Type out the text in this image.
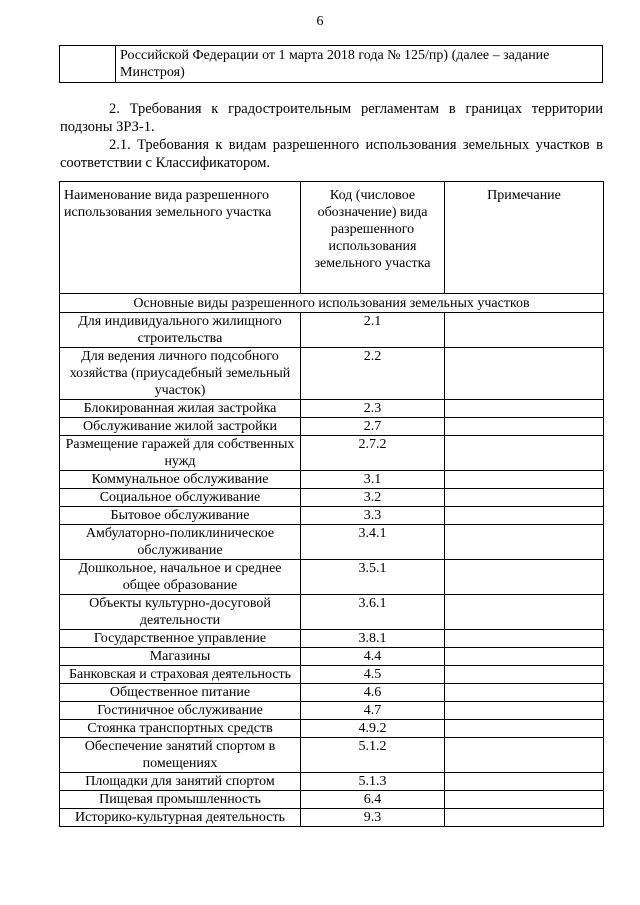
6
	Российской Федерации от 1 марта 2018 года № 125/пр) (далее – задание
Минстроя)

2. Требования к градостроительным регламентам в границах территории подзоны ЗРЗ-1.

2.1. Требования к видам разрешенного использования земельных участков в соответствии с Классификатором.

Наименование вида разрешенного использования земельного участка	Код (числовое обозначение) вида разрешенного использования земельного участка	Примечание
Основные виды разрешенного использования земельных участков		
Для индивидуального жилищного строительства	2.1	
Для ведения личного подсобного хозяйства (приусадебный земельный участок)	2.2	
Блокированная жилая застройка	2.3	
Обслуживание жилой застройки	2.7	
Размещение гаражей для собственных нужд	2.7.2	
Коммунальное обслуживание	3.1	
Социальное обслуживание	3.2	
Бытовое обслуживание	3.3	
Амбулаторно-поликлиническое обслуживание	3.4.1	
Дошкольное, начальное и среднее общее образование	3.5.1	
Объекты культурно-досуговой деятельности	3.6.1	
Государственное управление	3.8.1	
Магазины	4.4	
Банковская и страховая деятельность	4.5	
Общественное питание	4.6	
Гостиничное обслуживание	4.7	
Стоянка транспортных средств	4.9.2	
Обеспечение занятий спортом в помещениях	5.1.2	
Площадки для занятий спортом	5.1.3	
Пищевая промышленность	6.4	
Историко-культурная деятельность	9.3	
